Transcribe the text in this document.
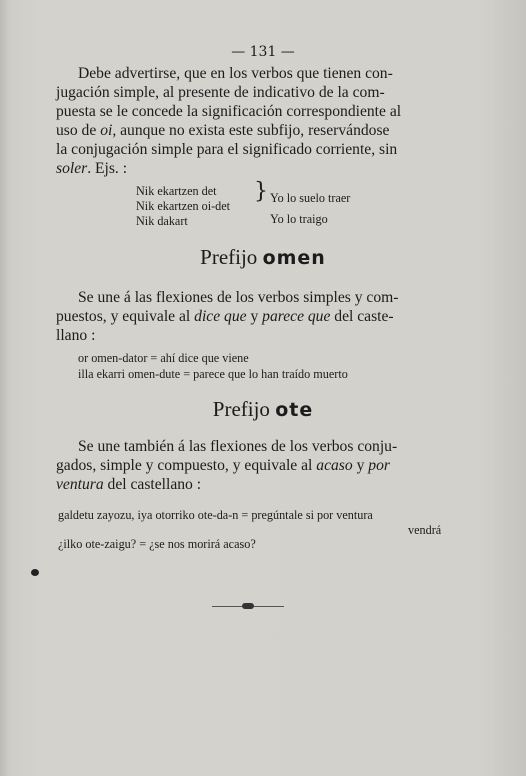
— 131 —
Debe advertirse, que en los verbos que tienen con-
jugación simple, al presente de indicativo de la com-
puesta se le concede la significación correspondiente al
uso de oi, aunque no exista este subfijo, reservándose
la conjugación simple para el significado corriente, sin
soler. Ejs. :
Nik ekartzen det
Nik ekartzen oi-det
Nik dakart
} Yo lo suelo traer
Yo lo traigo
Prefijo omen
Se une á las flexiones de los verbos simples y com-
puestos, y equivale al dice que y parece que del caste-
llano :
or omen-dator = ahí dice que viene
illa ekarri omen-dute = parece que lo han traído muerto
Prefijo ote
Se une también á las flexiones de los verbos conju-
gados, simple y compuesto, y equivale al acaso y por
ventura del castellano :
galdetu zayozu, iya otorriko ote-da-n = pregúntale si por ventura
vendrá
¿ilko ote-zaigu? = ¿se nos morirá acaso?
